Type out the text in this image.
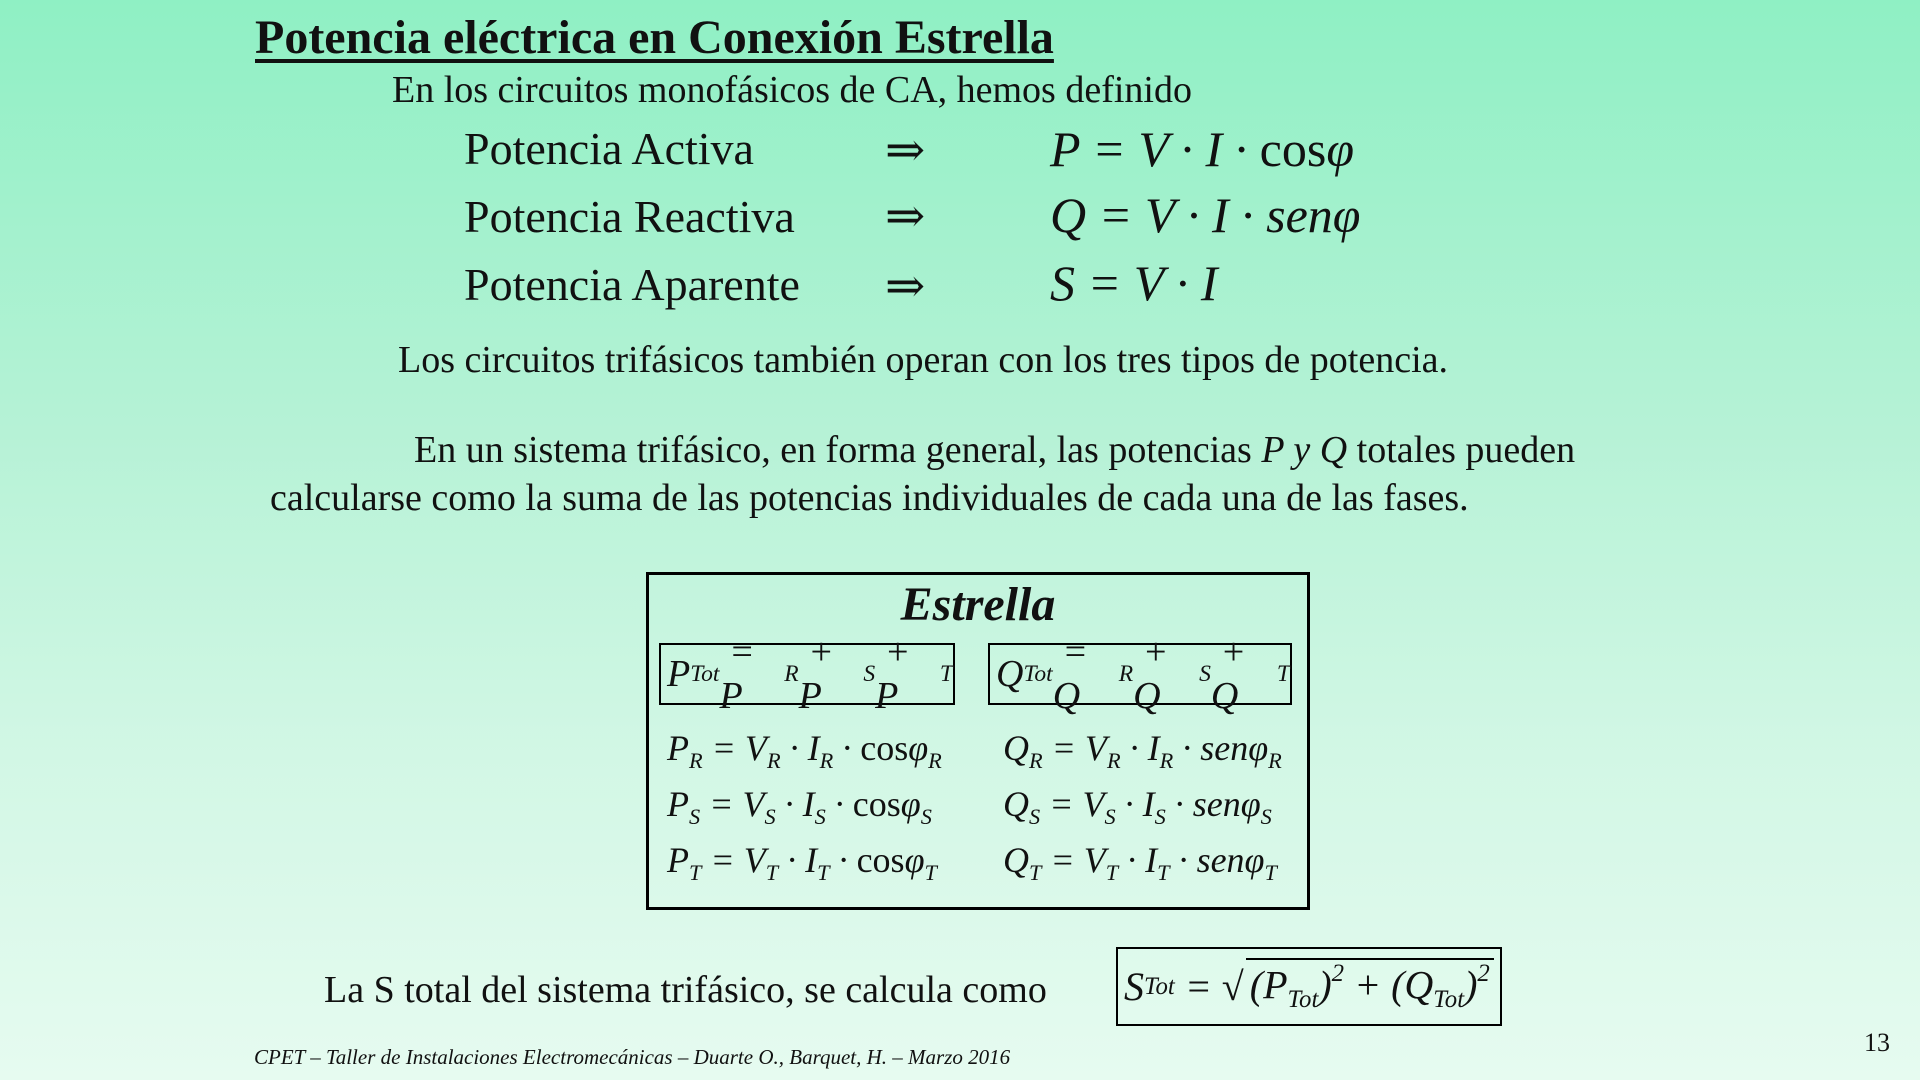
Potencia eléctrica en Conexión Estrella
En los circuitos monofásicos de CA, hemos definido
Potencia Activa	⇒ P = V · I · cosφ
Potencia Reactiva ⇒ Q = V · I · senφ
Potencia Aparente ⇒ S = V · I
Los circuitos trifásicos también operan con los tres tipos de potencia.
En un sistema trifásico, en forma general, las potencias P y Q totales pueden
calcularse como la suma de las potencias individuales de cada una de las fases.
Estrella
P Tot
= P
R
+ P
S
+ P
T Q Tot
= Q
R
+ Q
S
+ Q
T
$P_R = V_R \cdot I_R \cdot \cos\varphi_R$
$P_S = V_S \cdot I_S \cdot \cos\varphi_S$
$P_T = V_T \cdot I_T \cdot \cos\varphi_T$
$Q_R = V_R \cdot I_R \cdot sen\varphi_R$
$Q_S = V_S \cdot I_S \cdot sen\varphi_S$
$Q_T = V_T \cdot I_T \cdot sen\varphi_T$
La S total del sistema trifásico, se calcula como S Tot = √ $(P_{Tot})^2 + (Q_{Tot})^2$
CPET – Taller de Instalaciones Electromecánicas – Duarte O., Barquet, H. – Marzo 2016	13
